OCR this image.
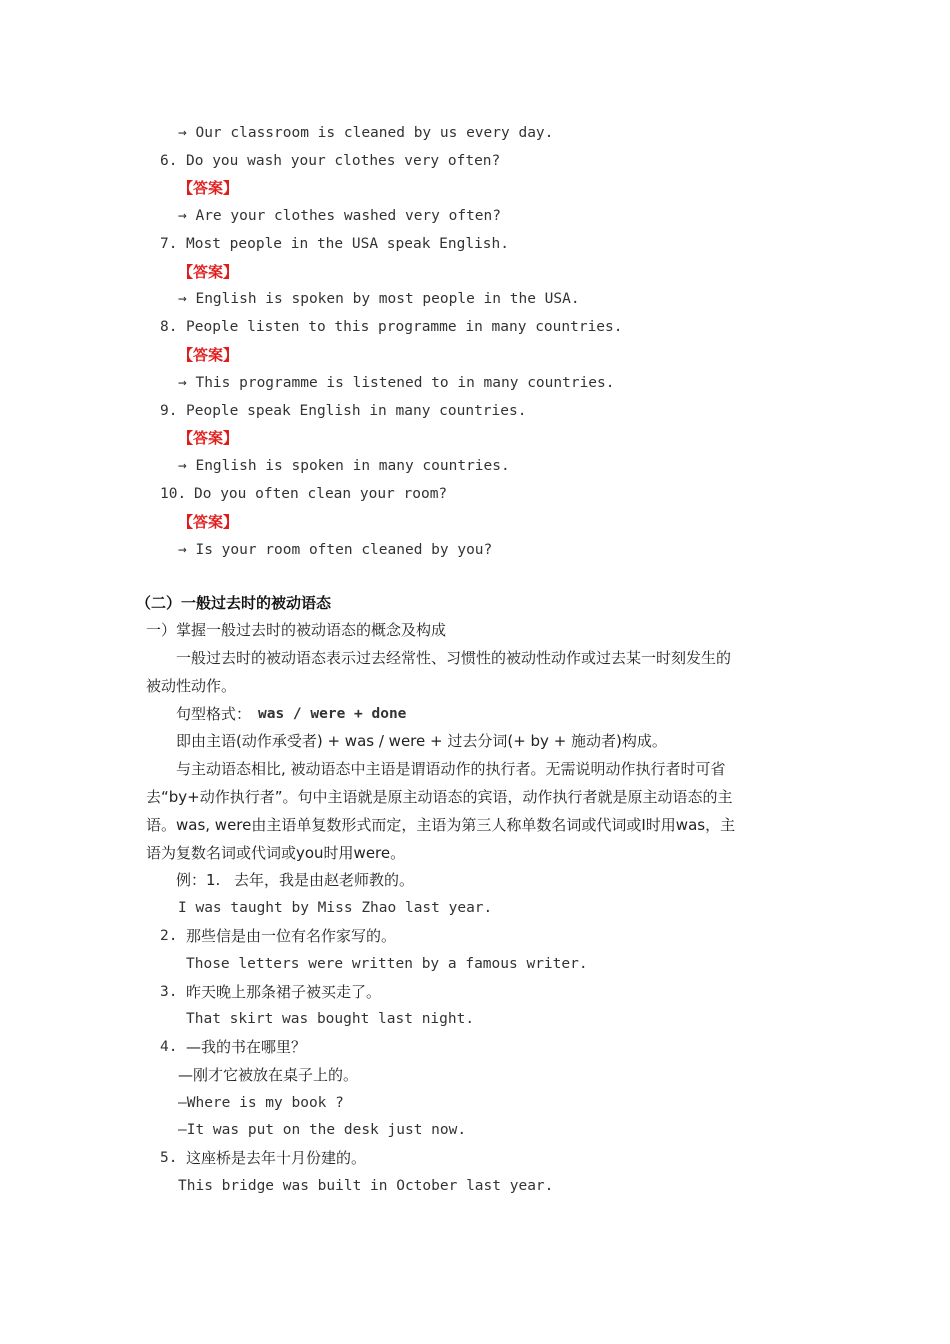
→ Our classroom is cleaned by us every day.
6. Do you wash your clothes very often?
【答案】
→ Are your clothes washed very often?
7. Most people in the USA speak English.
【答案】
→ English is spoken by most people in the USA.
8. People listen to this programme in many countries.
【答案】
→ This programme is listened to in many countries.
9. People speak English in many countries.
【答案】
→ English is spoken in many countries.
10. Do you often clean your room?
【答案】
→ Is your room often cleaned by you?
（二）一般过去时的被动语态
一）掌握一般过去时的被动语态的概念及构成
一般过去时的被动语态表示过去经常性、习惯性的被动性动作或过去某一时刻发生的
被动性动作。
句型格式： was / were + done
即由主语(动作承受者) + was / were + 过去分词(+ by + 施动者)构成。
与主动语态相比, 被动语态中主语是谓语动作的执行者。无需说明动作执行者时可省
去“by+动作执行者”。句中主语就是原主动语态的宾语，动作执行者就是原主动语态的主
语。was, were由主语单复数形式而定，主语为第三人称单数名词或代词或I时用was，主
语为复数名词或代词或you时用were。
例：1. 去年，我是由赵老师教的。
I was taught by Miss Zhao last year.
2. 那些信是由一位有名作家写的。
Those letters were written by a famous writer.
3. 昨天晚上那条裙子被买走了。
That skirt was bought last night.
4. —我的书在哪里？
—刚才它被放在桌子上的。
—Where is my book ?
—It was put on the desk just now.
5. 这座桥是去年十月份建的。
This bridge was built in October last year.
